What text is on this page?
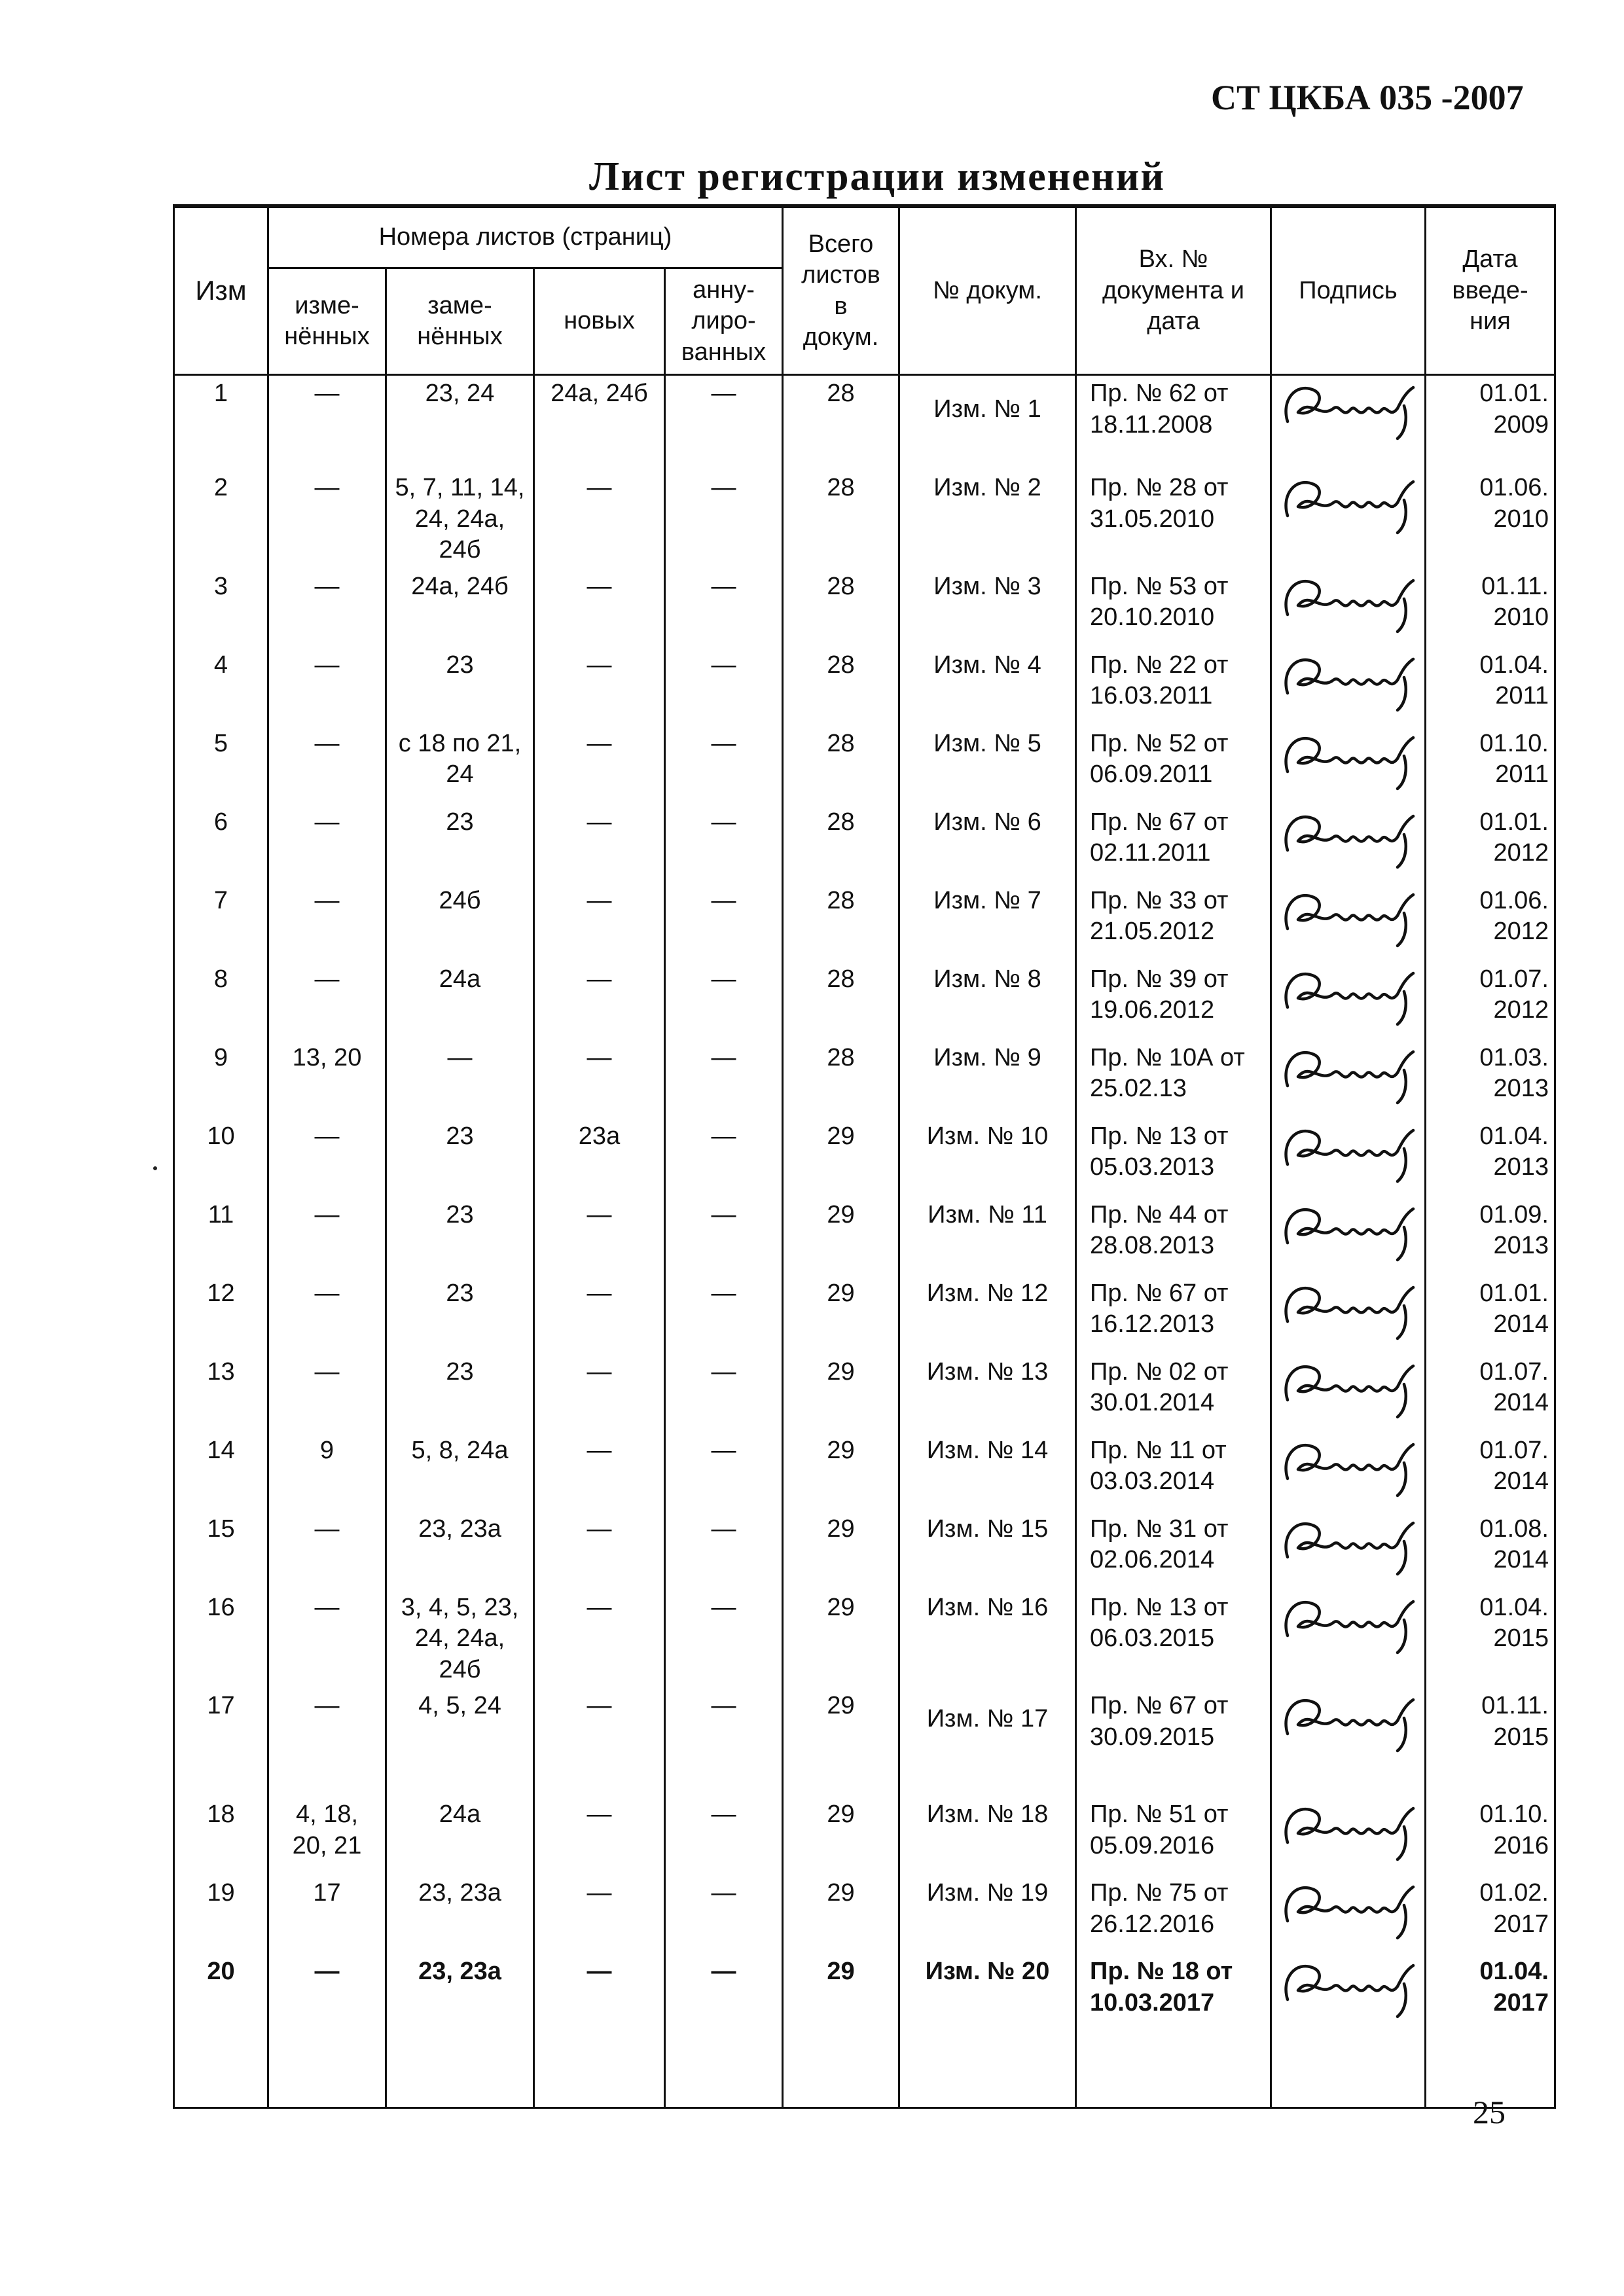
СТ ЦКБА 035 -2007
Лист регистрации изменений
Изм	Номера листов (страниц)				Всего
листов
в
докум.	№ докум.	Вх. №
документа и
дата	Подпись	Дата
введе-
ния
	изме-
нённых	заме-
нённых	новых	анну-
лиро-
ванных					
1	—	23, 24	24а, 24б	—	28	Изм. № 1	Пр. № 62 от
18.11.2008		01.01.
2009
2	—	5, 7, 11, 14,
24, 24а, 24б	—	—	28	Изм. № 2	Пр. № 28 от
31.05.2010		01.06.
2010
3	—	24а, 24б	—	—	28	Изм. № 3	Пр. № 53 от
20.10.2010		01.11.
2010
4	—	23	—	—	28	Изм. № 4	Пр. № 22 от
16.03.2011		01.04.
2011
5	—	с 18 по 21,
24	—	—	28	Изм. № 5	Пр. № 52 от
06.09.2011		01.10.
2011
6	—	23	—	—	28	Изм. № 6	Пр. № 67 от
02.11.2011		01.01.
2012
7	—	24б	—	—	28	Изм. № 7	Пр. № 33 от
21.05.2012		01.06.
2012
8	—	24а	—	—	28	Изм. № 8	Пр. № 39 от
19.06.2012		01.07.
2012
9	13, 20	—	—	—	28	Изм. № 9	Пр. № 10А от
25.02.13		01.03.
2013
10	—	23	23а	—	29	Изм. № 10	Пр. № 13 от
05.03.2013		01.04.
2013
11	—	23	—	—	29	Изм. № 11	Пр. № 44 от
28.08.2013		01.09.
2013
12	—	23	—	—	29	Изм. № 12	Пр. № 67 от
16.12.2013		01.01.
2014
13	—	23	—	—	29	Изм. № 13	Пр. № 02 от
30.01.2014		01.07.
2014
14	9	5, 8, 24а	—	—	29	Изм. № 14	Пр. № 11 от
03.03.2014		01.07.
2014
15	—	23, 23а	—	—	29	Изм. № 15	Пр. № 31 от
02.06.2014		01.08.
2014
16	—	3, 4, 5, 23,
24, 24а, 24б	—	—	29	Изм. № 16	Пр. № 13 от
06.03.2015		01.04.
2015
17	—	4, 5, 24	—	—	29	Изм. № 17	Пр. № 67 от
30.09.2015		01.11.
2015
18	4, 18,
20, 21	24а	—	—	29	Изм. № 18	Пр. № 51 от
05.09.2016		01.10.
2016
19	17	23, 23а	—	—	29	Изм. № 19	Пр. № 75 от
26.12.2016		01.02.
2017
20	—	23, 23а	—	—	29	Изм. № 20	Пр. № 18 от
10.03.2017		01.04.
2017
25
